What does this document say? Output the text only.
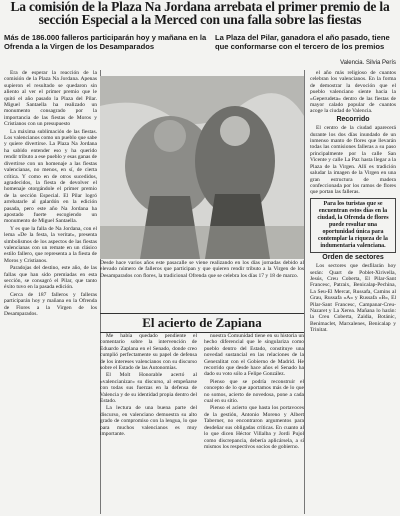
La comisión de la Plaza Na Jordana arrebata el primer premio de la sección Especial a la Merced con una falla sobre las fiestas
Más de 186.000 falleros participarán hoy y mañana en la Ofrenda a la Virgen de los Desamparados
La Plaza del Pilar, ganadora el año pasado, tiene que conformarse con el tercero de los premios
Valencia. Silvia Perís

Era de esperar la reacción de la comisión de la Plaza Na Jordana. Apenas supieron el resultado se quedaron sin aliento al ver el primer premio que le quitó el año pasado la Plaza del Pilar. Miguel Santaella ha realizado un monumento consagrado por la importancia de las fiestas de Moros y Cristianos con un presupuesto

La máxima sublimación de las fiestas. Los valencianos como un pueblo que sabe y quiere divertirse. La Plaza Na Jordana ha sabido entender eso y ha querido rendir tributo a ese pueblo y esas ganas de divertirse con un homenaje a las fiestas valencianas, no menos, en sí, de cierta crítica. Y como en de otros sucedidos, agradecidos, la fiesta de devolver el homenaje otorgándole el primer premio de la sección Especial. El Pilar logró arrebatarle al galardón en la edición pasada, pero este año Na Jordana ha apostado fuerte escogiendo un monumento de Miguel Santaella.

Y es que la falla de Na Jordana, con el lema «De la festa, la veritat», presenta simbolismos de los aspectos de las fiestas valencianas con un remate en un clásico estilo fallero, que representa a la fiesta de Moros y Cristianos.

Paradojas del destino, este año, de las fallas que han sido premiadas en esta sección, se consagró el Pilar, que tanto éxito tuvo en la pasada edición.

Cerca de 187 falleros y falleras participarán hoy y mañana en la Ofrenda de Flores a la Virgen de los Desamparados.

Desde hace varios años este pasacalle se viene realizando en los días jornadas debido al elevado número de falleros que participan y que quieren rendir tributo a la Virgen de los Desamparados con flores, la tradicional Ofrenda que se celebra los días 17 y 18 de marzo.
El acierto de Zapiana

Me había quedado pendiente el comentario sobre la intervención de Eduardo Zaplana en el Senado, donde creo cumplió perfectamente su papel de defensa de los intereses valencianos con su discurso sobre el Estado de las Autonomías.

El Molt Honorable acertó al «valencianizar» su discurso, al empeñarse con todas sus fuerzas en la defensa de Valencia y de su identidad propia dentro del Estado.

La lectura de una buena parte del discurso, en valenciano demuestra su alto grado de compromiso con la lengua, lo que para muchos valencianos es muy importante.

nuestra Comunidad tiene en su historia un hecho diferencial que le singulariza como pueblo dentro del Estado, constituye una novedad sustancial en las relaciones de la Generalitat con el Gobierno de Madrid. He recorrido que desde hace años el Senado ha dado su voto sólo a Felipe González.

Pienso que se podría reconstruir el concepto de lo que aportamos más de lo que no somos, acierto de novedosa, pone a cada cual en su sitio.

Pienso el acierto que hasta los portavoces de la gestión, Antonio Moreno y Albert Taberner, no encontraron argumentos para desdeñar sus obligadas críticas. En cuanto al lo que dicen Héctor Villalba y Jordi Pujol como discrepancia, debería aplicársela, a sí mismos los respectivos socios de gobierno.

el año más religioso de cuantos celebran los valencianos. En la forma de demostrar la devoción que el pueblo valenciano siente hacia la «Geperudeta» dentro de las fiestas de mayor calado popular de cuantos acoge la ciudad de Valencia.

Recorrido

El centro de la ciudad aparecerá durante los dos días inundado de un inmenso manto de flores que llevarán todas las comisiones falleras a su paso principalmente por la calle San Vicente y calle La Paz hasta llegar a la Plaza de la Virgen. Allí es tradición saludar la imagen de la Virgen en una gran estructura de madera confeccionada por los ramos de flores que portan las falleras.

Para los turistas que se encuentran estos días en la ciudad, la Ofrenda de flores puede resultar una oportunidad única para contemplar la riqueza de la indumentaria valenciana.
Orden de sectores

Los sectores que desfilarán hoy serán: Quart de Poblet-Xirivella, Jesús, Creu Coberta, El Pilar-Sant Francesc, Patraix, Benicalap-Pechina, La Seu-El Mercat, Russafa, Camins al Grau, Russafa «A» y Russafa «B», El Pilar-Sant Francesc, Campanar-Creu-Nazaret y La Xerea. Mañana lo harán: la Creu Coberta, Zaidia, Botánic, Benimaclet, Marxalenes, Benicalap y Trinitat.
